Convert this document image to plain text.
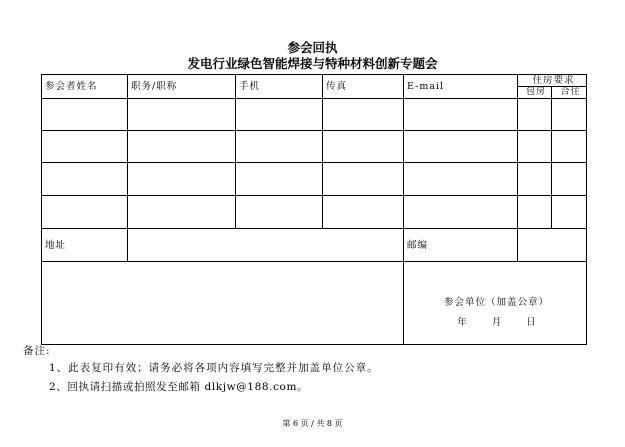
参会回执
发电行业绿色智能焊接与特种材料创新专题会
参会者姓名	职务/职称	手机	传真	E-mail	住房要求	
					包房	合住

地址				邮编		

				参会单位（加盖公章）
年 月 日		
备注:
1、此表复印有效；请务必将各项内容填写完整并加盖单位公章。
2、回执请扫描或拍照发至邮箱 dlkjw@188.com。
第 6 页 / 共 8 页
